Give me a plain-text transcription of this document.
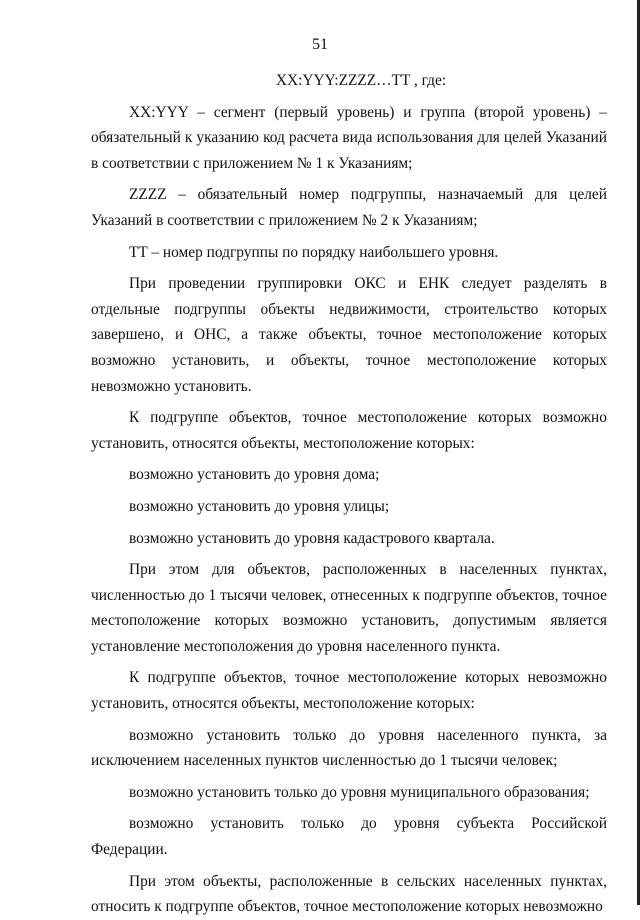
51

XX:YYY:ZZZZ…TT , где:

XX:YYY – сегмент (первый уровень) и группа (второй уровень) – обязательный к указанию код расчета вида использования для целей Указаний в соответствии с приложением № 1 к Указаниям;

ZZZZ – обязательный номер подгруппы, назначаемый для целей Указаний в соответствии с приложением № 2 к Указаниям;

TT – номер подгруппы по порядку наибольшего уровня.

При проведении группировки ОКС и ЕНК следует разделять в отдельные подгруппы объекты недвижимости, строительство которых завершено, и ОНС, а также объекты, точное местоположение которых возможно установить, и объекты, точное местоположение которых невозможно установить.

К подгруппе объектов, точное местоположение которых возможно установить, относятся объекты, местоположение которых:

возможно установить до уровня дома;

возможно установить до уровня улицы;

возможно установить до уровня кадастрового квартала.

При этом для объектов, расположенных в населенных пунктах, численностью до 1 тысячи человек, отнесенных к подгруппе объектов, точное местоположение которых возможно установить, допустимым является установление местоположения до уровня населенного пункта.

К подгруппе объектов, точное местоположение которых невозможно установить, относятся объекты, местоположение которых:

возможно установить только до уровня населенного пункта, за исключением населенных пунктов численностью до 1 тысячи человек;

возможно установить только до уровня муниципального образования;

возможно установить только до уровня субъекта Российской Федерации.

При этом объекты, расположенные в сельских населенных пунктах, относить к подгруппе объектов, точное местоположение которых невозможно
